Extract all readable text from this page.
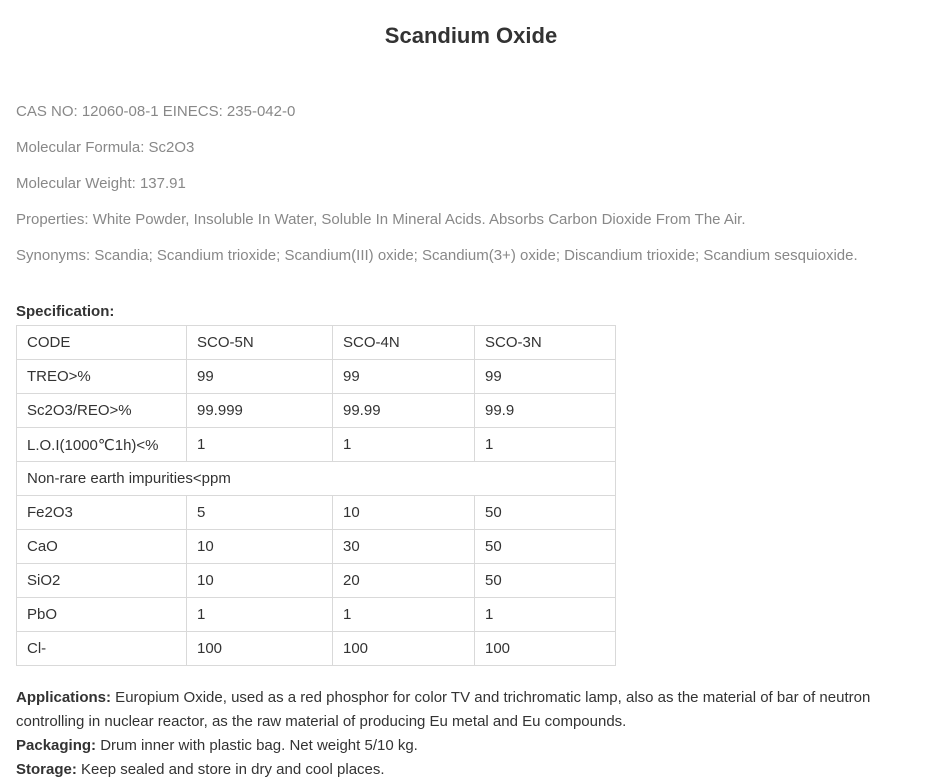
Scandium Oxide

CAS NO: 12060-08-1 EINECS: 235-042-0

Molecular Formula: Sc2O3

Molecular Weight: 137.91

Properties: White Powder, Insoluble In Water, Soluble In Mineral Acids. Absorbs Carbon Dioxide From The Air.

Synonyms: Scandia; Scandium trioxide; Scandium(III) oxide; Scandium(3+) oxide; Discandium trioxide; Scandium sesquioxide.

Specification:

CODE	SCO-5N	SCO-4N	SCO-3N
TREO>%	99	99	99
Sc2O3/REO>%	99.999	99.99	99.9
L.O.I(1000℃1h)<%	1	1	1
Non-rare earth impurities<ppm			
Fe2O3	5	10	50
CaO	10	30	50
SiO2	10	20	50
PbO	1	1	1
Cl-	100	100	100

Applications: Europium Oxide, used as a red phosphor for color TV and trichromatic lamp, also as the material of bar of neutron controlling in nuclear reactor, as the raw material of producing Eu metal and Eu compounds.

Packaging: Drum inner with plastic bag. Net weight 5/10 kg.

Storage: Keep sealed and store in dry and cool places.
